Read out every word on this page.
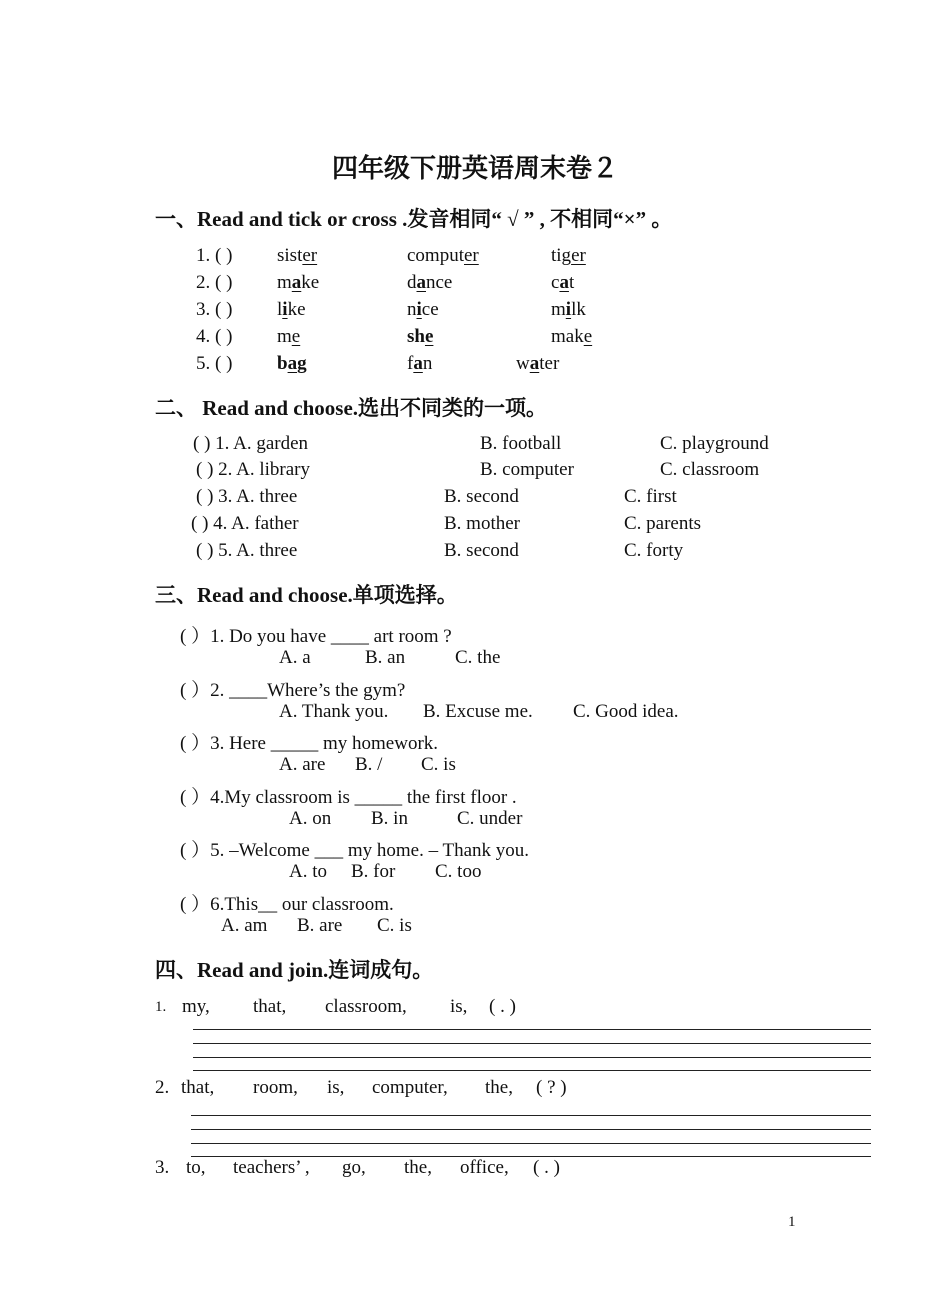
四年级下册英语周末卷２
一、Read and tick or cross .发音相同“ √ ” , 不相同“×” 。
1. ( ) sister	computer	tiger
2. ( ) make	dance	cat
3. ( ) like	nice	milk
4. ( ) me	she	make
5. ( ) bag	fan	water
二、 Read and choose.选出不同类的一项。
( ) 1. A. garden	B. football	C. playground
( ) 2. A. library	B. computer	C. classroom
( ) 3. A. three	B. second	C. first
( ) 4. A. father	B. mother	C. parents
( ) 5. A. three	B. second	C. forty
三、Read and choose.单项选择。
( ）1. Do you have ____ art room ?
A. a	B. an	C. the
( ）2. ____Where’s the gym?
A. Thank you. B. Excuse me. C. Good idea.
( ）3. Here _____ my homework.
A. are B. / C. is
( ）4.My classroom is _____ the first floor .
A. on B. in	C. under
( ）5. –Welcome ___ my home. – Thank you.
A. to B. for C. too
( ）6.This__ our classroom.
A. am B. are C. is
四、Read and join.连词成句。
1. my, that, classroom, is, ( . )
2. that, room, is, computer, the, ( ? )
3. to, teachers’ , go, the, office, ( . )
1
